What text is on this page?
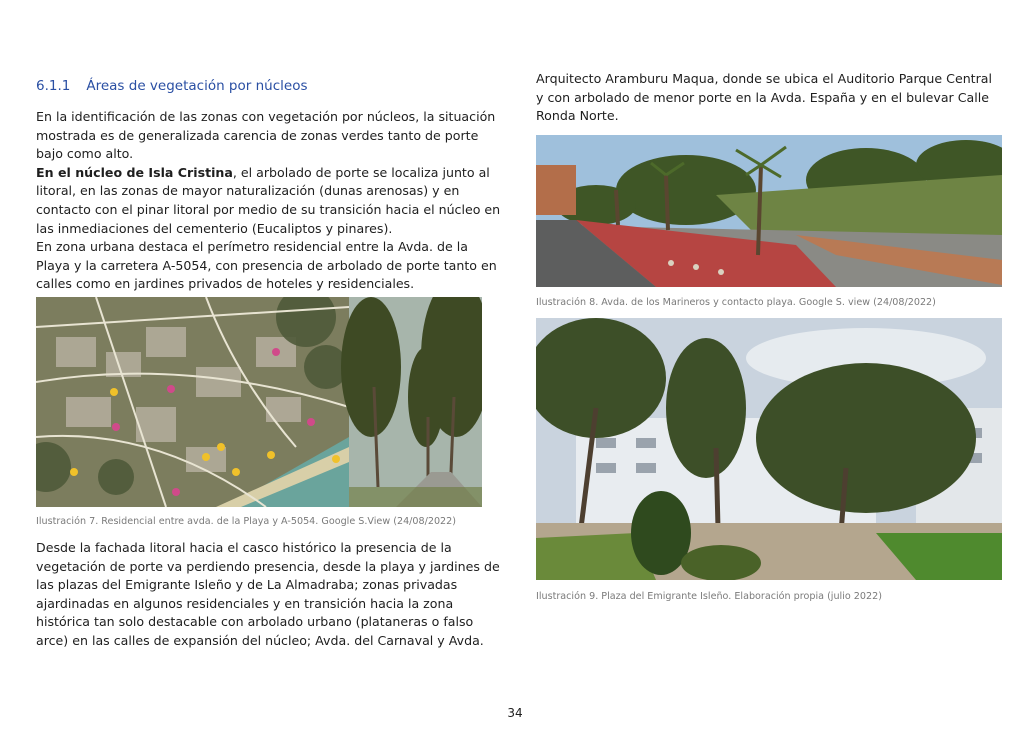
6.1.1 Áreas de vegetación por núcleos

En la identificación de las zonas con vegetación por núcleos, la situación mostrada es de generalizada carencia de zonas verdes tanto de porte bajo como alto.

En el núcleo de Isla Cristina, el arbolado de porte se localiza junto al litoral, en las zonas de mayor naturalización (dunas arenosas) y en contacto con el pinar litoral por medio de su transición hacia el núcleo en las inmediaciones del cementerio (Eucaliptos y pinares).

En zona urbana destaca el perímetro residencial entre la Avda. de la Playa y la carretera A-5054, con presencia de arbolado de porte tanto en calles como en jardines privados de hoteles y residenciales.

Ilustración 7. Residencial entre avda. de la Playa y A-5054. Google S.View (24/08/2022)

Desde la fachada litoral hacia el casco histórico la presencia de la vegetación de porte va perdiendo presencia, desde la playa y jardines de las plazas del Emigrante Isleño y de La Almadraba; zonas privadas ajardinadas en algunos residenciales y en transición hacia la zona histórica tan solo destacable con arbolado urbano (plataneras o falso arce) en las calles de expansión del núcleo; Avda. del Carnaval y Avda.

Arquitecto Aramburu Maqua, donde se ubica el Auditorio Parque Central y con arbolado de menor porte en la Avda. España y en el bulevar Calle Ronda Norte.

Ilustración 8. Avda. de los Marineros y contacto playa. Google S. view (24/08/2022)

Ilustración 9. Plaza del Emigrante Isleño. Elaboración propia (julio 2022)

34
